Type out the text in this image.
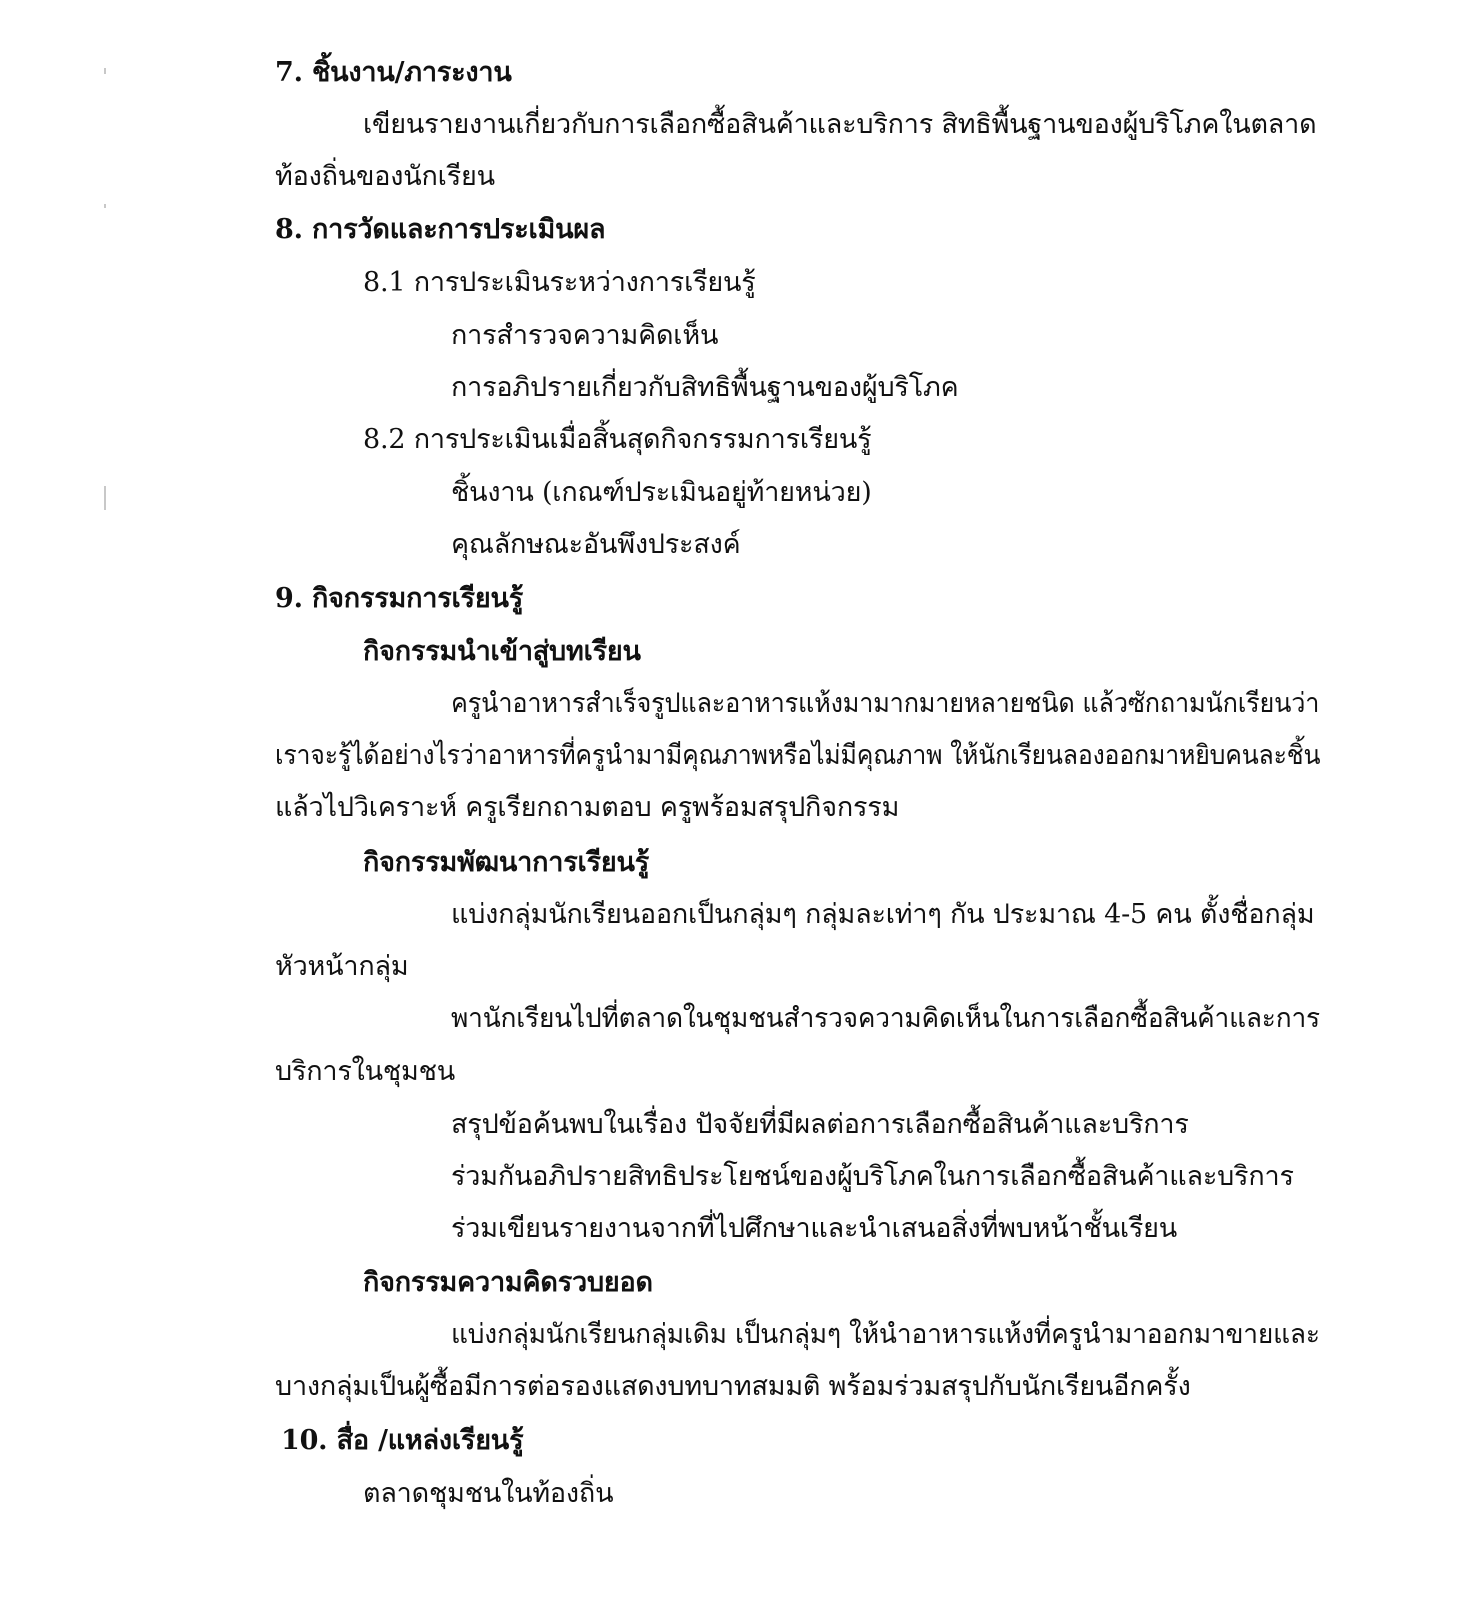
7. ชิ้นงาน/ภาระงาน
เขียนรายงานเกี่ยวกับการเลือกซื้อสินค้าและบริการ สิทธิพื้นฐานของผู้บริโภคในตลาด
ท้องถิ่นของนักเรียน
8. การวัดและการประเมินผล
8.1 การประเมินระหว่างการเรียนรู้
การสำรวจความคิดเห็น
การอภิปรายเกี่ยวกับสิทธิพื้นฐานของผู้บริโภค
8.2 การประเมินเมื่อสิ้นสุดกิจกรรมการเรียนรู้
ชิ้นงาน (เกณฑ์ประเมินอยู่ท้ายหน่วย)
คุณลักษณะอันพึงประสงค์
9. กิจกรรมการเรียนรู้
กิจกรรมนำเข้าสู่บทเรียน
ครูนำอาหารสำเร็จรูปและอาหารแห้งมามากมายหลายชนิด แล้วซักถามนักเรียนว่า
เราจะรู้ได้อย่างไรว่าอาหารที่ครูนำมามีคุณภาพหรือไม่มีคุณภาพ ให้นักเรียนลองออกมาหยิบคนละชิ้น
แล้วไปวิเคราะห์ ครูเรียกถามตอบ ครูพร้อมสรุปกิจกรรม
กิจกรรมพัฒนาการเรียนรู้
แบ่งกลุ่มนักเรียนออกเป็นกลุ่มๆ กลุ่มละเท่าๆ กัน ประมาณ 4-5 คน ตั้งชื่อกลุ่ม
หัวหน้ากลุ่ม
พานักเรียนไปที่ตลาดในชุมชนสำรวจความคิดเห็นในการเลือกซื้อสินค้าและการ
บริการในชุมชน
สรุปข้อค้นพบในเรื่อง ปัจจัยที่มีผลต่อการเลือกซื้อสินค้าและบริการ
ร่วมกันอภิปรายสิทธิประโยชน์ของผู้บริโภคในการเลือกซื้อสินค้าและบริการ
ร่วมเขียนรายงานจากที่ไปศึกษาและนำเสนอสิ่งที่พบหน้าชั้นเรียน
กิจกรรมความคิดรวบยอด
แบ่งกลุ่มนักเรียนกลุ่มเดิม เป็นกลุ่มๆ ให้นำอาหารแห้งที่ครูนำมาออกมาขายและ
บางกลุ่มเป็นผู้ซื้อมีการต่อรองแสดงบทบาทสมมติ พร้อมร่วมสรุปกับนักเรียนอีกครั้ง
10. สื่อ /แหล่งเรียนรู้
ตลาดชุมชนในท้องถิ่น
